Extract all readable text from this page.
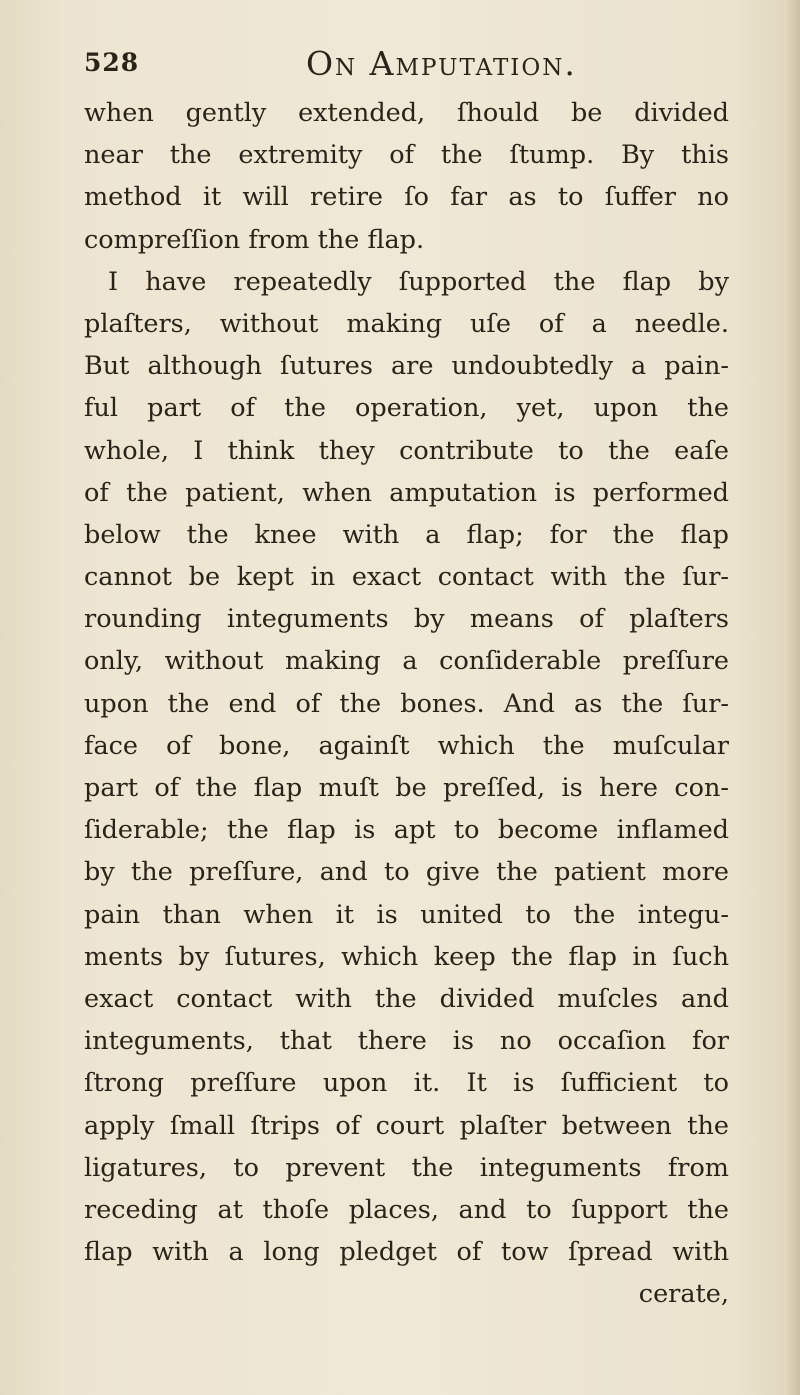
528	On Amputation.
when gently extended, ſhould be divided
near the extremity of the ſtump. By this
method it will retire ſo far as to ſuffer no
compreſſion from the flap.
I have repeatedly ſupported the flap by
plaſters, without making uſe of a needle.
But although ſutures are undoubtedly a pain-
ful part of the operation, yet, upon the
whole, I think they contribute to the eaſe
of the patient, when amputation is performed
below the knee with a flap; for the flap
cannot be kept in exact contact with the ſur-
rounding integuments by means of plaſters
only, without making a conſiderable preſſure
upon the end of the bones. And as the ſur-
face of bone, againſt which the muſcular
part of the flap muſt be preſſed, is here con-
ſiderable; the flap is apt to become inflamed
by the preſſure, and to give the patient more
pain than when it is united to the integu-
ments by ſutures, which keep the flap in ſuch
exact contact with the divided muſcles and
integuments, that there is no occaſion for
ſtrong preſſure upon it. It is ſufficient to
apply ſmall ſtrips of court plaſter between the
ligatures, to prevent the integuments from
receding at thoſe places, and to ſupport the
flap with a long pledget of tow ſpread with
cerate,
